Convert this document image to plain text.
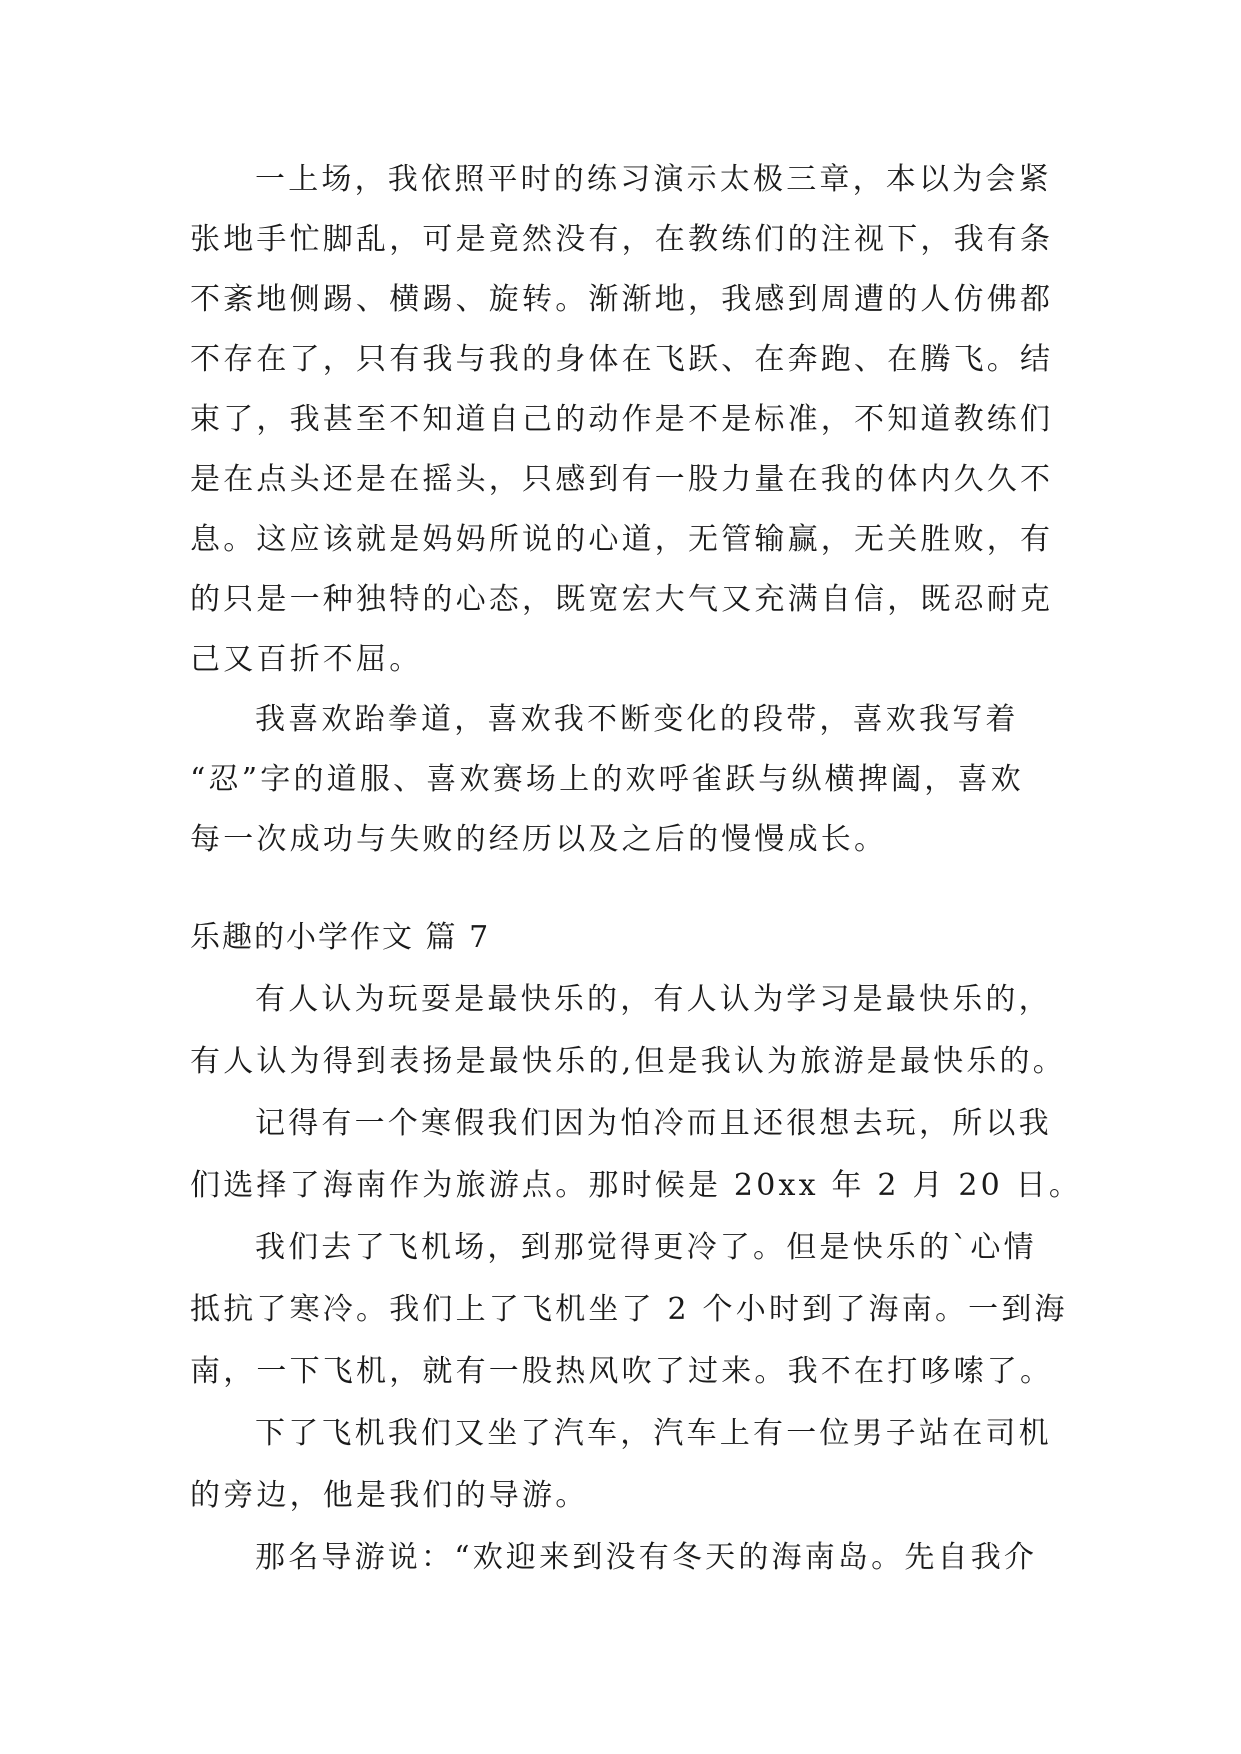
一上场，我依照平时的练习演示太极三章，本以为会紧
张地手忙脚乱，可是竟然没有，在教练们的注视下，我有条
不紊地侧踢、横踢、旋转。渐渐地，我感到周遭的人仿佛都
不存在了，只有我与我的身体在飞跃、在奔跑、在腾飞。结
束了，我甚至不知道自己的动作是不是标准，不知道教练们
是在点头还是在摇头，只感到有一股力量在我的体内久久不
息。这应该就是妈妈所说的心道，无管输赢，无关胜败，有
的只是一种独特的心态，既宽宏大气又充满自信，既忍耐克
己又百折不屈。
我喜欢跆拳道，喜欢我不断变化的段带，喜欢我写着
“忍”字的道服、喜欢赛场上的欢呼雀跃与纵横捭阖，喜欢
每一次成功与失败的经历以及之后的慢慢成长。
乐趣的小学作文 篇 7
有人认为玩耍是最快乐的，有人认为学习是最快乐的，
有人认为得到表扬是最快乐的,但是我认为旅游是最快乐的。
记得有一个寒假我们因为怕冷而且还很想去玩，所以我
们选择了海南作为旅游点。那时候是 20xx 年 2 月 20 日。
我们去了飞机场，到那觉得更冷了。但是快乐的`心情
抵抗了寒冷。我们上了飞机坐了 2 个小时到了海南。一到海
南，一下飞机，就有一股热风吹了过来。我不在打哆嗦了。
下了飞机我们又坐了汽车，汽车上有一位男子站在司机
的旁边，他是我们的导游。
那名导游说：“欢迎来到没有冬天的海南岛。先自我介
